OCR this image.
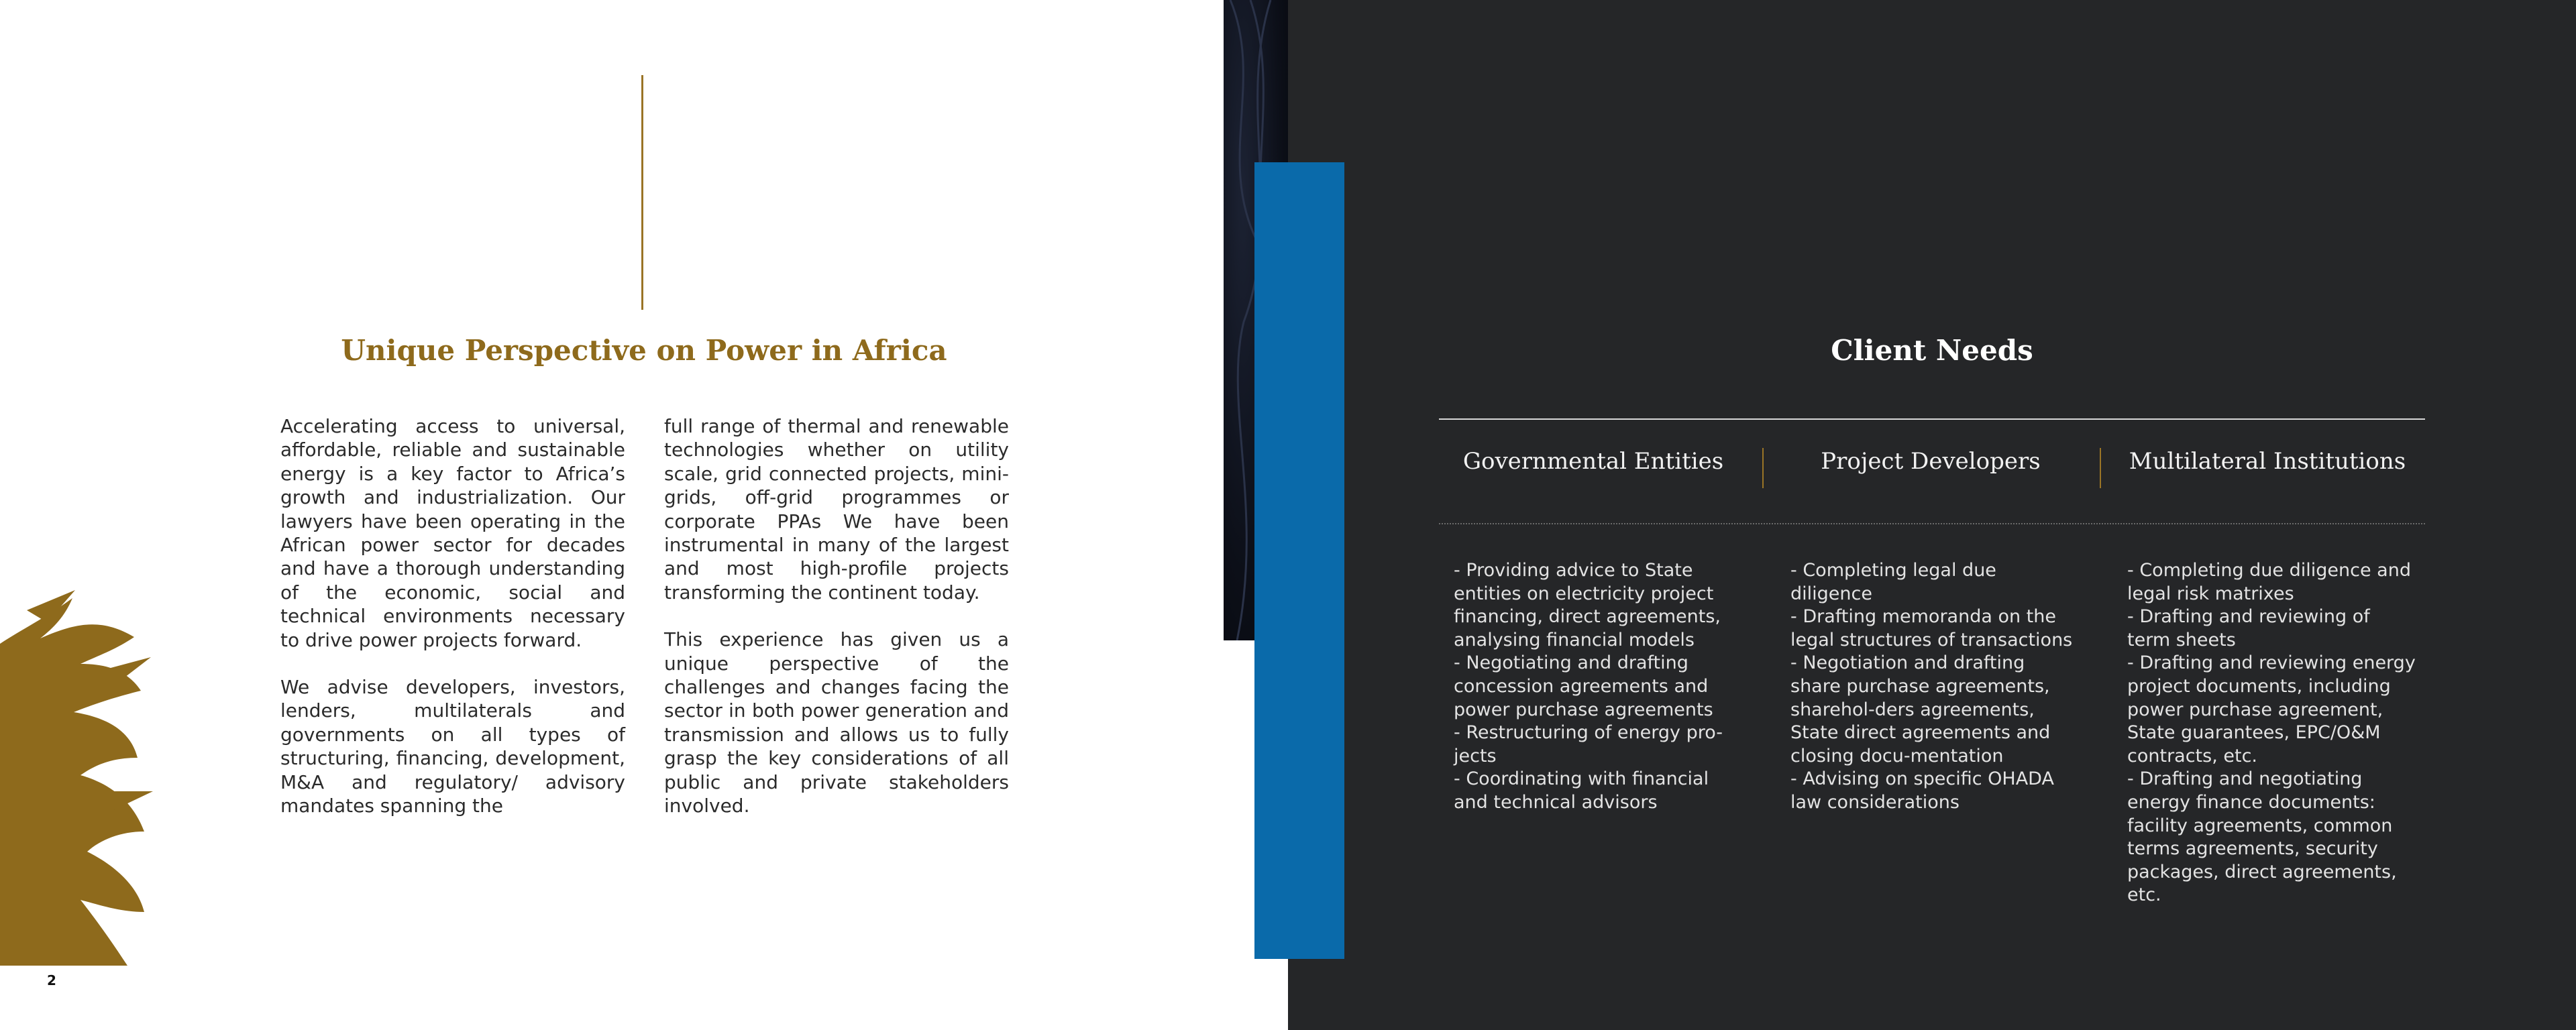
Unique Perspective on Power in Africa

Accelerating access to universal, affordable, reliable and sustainable energy is a key factor to Africa’s growth and industrialization. Our lawyers have been operating in the African power sector for decades and have a thorough understanding of the economic, social and technical environments necessary to drive power projects forward.

We advise developers, investors, lenders, multilaterals and governments on all types of structuring, financing, development, M&A and regulatory/ advisory mandates spanning the

full range of thermal and renewable technologies whether on utility scale, grid connected projects, mini-grids, off-grid programmes or corporate PPAs We have been instrumental in many of the largest and most high-profile projects transforming the continent today.

This experience has given us a unique perspective of the challenges and changes facing the sector in both power generation and transmission and allows us to fully grasp the key considerations of all public and private stakeholders involved.

2
Client Needs
Governmental Entities	Project Developers	Multilateral Institutions
- Providing advice to State entities on electricity project financing, direct agreements, analysing financial models
- Negotiating and drafting concession agreements and power purchase agreements
- Restructuring of energy pro-jects
- Coordinating with financial and technical advisors
- Completing legal due diligence
- Drafting memoranda on the legal structures of transactions
- Negotiation and drafting share purchase agreements, sharehol-ders agreements, State direct agreements and closing docu-mentation
- Advising on specific OHADA law considerations
- Completing due diligence and legal risk matrixes
- Drafting and reviewing of term sheets
- Drafting and reviewing energy project documents, including power purchase agreement, State guarantees, EPC/O&M contracts, etc.
- Drafting and negotiating energy finance documents: facility agreements, common terms agreements, security packages, direct agreements, etc.
